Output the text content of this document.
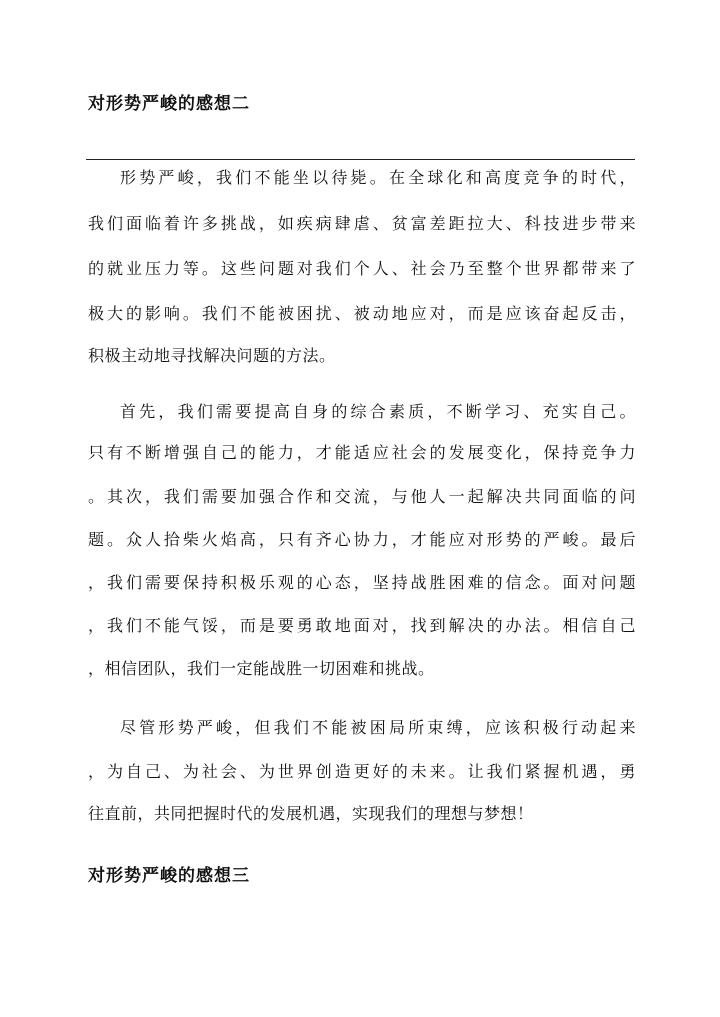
对形势严峻的感想二
形势严峻，我们不能坐以待毙。在全球化和高度竞争的时代，
我们面临着许多挑战，如疾病肆虐、贫富差距拉大、科技进步带来
的就业压力等。这些问题对我们个人、社会乃至整个世界都带来了
极大的影响。我们不能被困扰、被动地应对，而是应该奋起反击，
积极主动地寻找解决问题的方法。
首先，我们需要提高自身的综合素质，不断学习、充实自己。
只有不断增强自己的能力，才能适应社会的发展变化，保持竞争力
。其次，我们需要加强合作和交流，与他人一起解决共同面临的问
题。众人拾柴火焰高，只有齐心协力，才能应对形势的严峻。最后
，我们需要保持积极乐观的心态，坚持战胜困难的信念。面对问题
，我们不能气馁，而是要勇敢地面对，找到解决的办法。相信自己
，相信团队，我们一定能战胜一切困难和挑战。
尽管形势严峻，但我们不能被困局所束缚，应该积极行动起来
，为自己、为社会、为世界创造更好的未来。让我们紧握机遇，勇
往直前，共同把握时代的发展机遇，实现我们的理想与梦想！
对形势严峻的感想三
